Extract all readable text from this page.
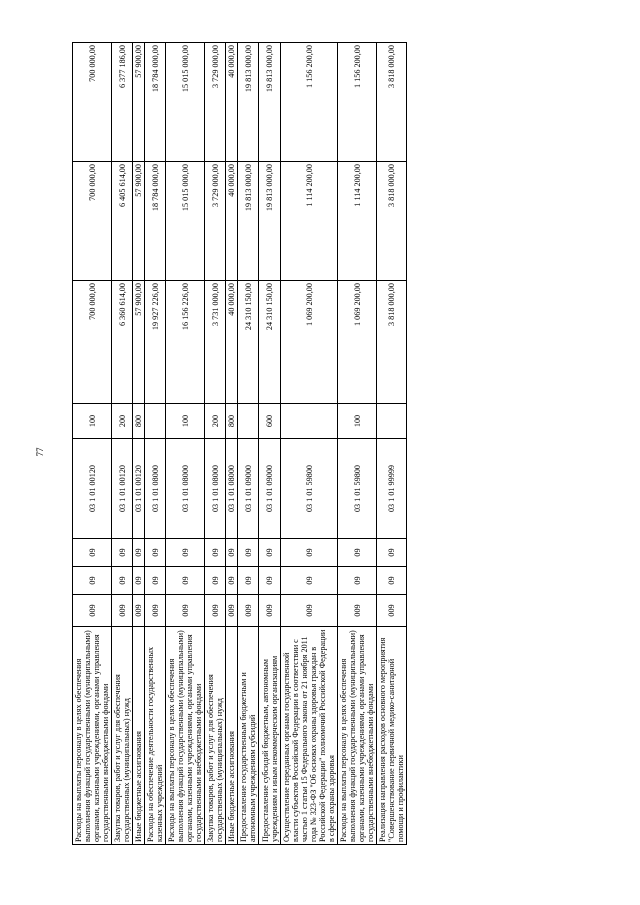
77
Расходы на выплаты персоналу в целях обеспечения выполнения функций государственными (муниципальными) органами, казенными учреждениями, органами управления государственными внебюджетными фондами	009	09	09	03 1 01 00120	100	700 000,00	700 000,00	700 000,00
Закупка товаров, работ и услуг для обеспечения государственных (муниципальных) нужд	009	09	09	03 1 01 00120	200	6 360 614,00	6 405 614,00	6 377 186,00
Иные бюджетные ассигнования	009	09	09	03 1 01 00120	800	57 900,00	57 900,00	57 900,00
Расходы на обеспечение деятельности государственных казенных учреждений	009	09	09	03 1 01 08000		19 927 226,00	18 784 000,00	18 784 000,00
Расходы на выплаты персоналу в целях обеспечения выполнения функций государственными (муниципальными) органами, казенными учреждениями, органами управления государственными внебюджетными фондами	009	09	09	03 1 01 08000	100	16 156 226,00	15 015 000,00	15 015 000,00
Закупка товаров, работ и услуг для обеспечения государственных (муниципальных) нужд	009	09	09	03 1 01 08000	200	3 731 000,00	3 729 000,00	3 729 000,00
Иные бюджетные ассигнования	009	09	09	03 1 01 08000	800	40 000,00	40 000,00	40 000,00
Предоставление государственным бюджетным и автономным учреждениям субсидий	009	09	09	03 1 01 09000		24 310 150,00	19 813 000,00	19 813 000,00
Предоставление субсидий бюджетным, автономным учреждениям и иным некоммерческим организациям	009	09	09	03 1 01 09000	600	24 310 150,00	19 813 000,00	19 813 000,00
Осуществление переданных органам государственной власти субъектов Российской Федерации в соответствии с частью 1 статьи 15 Федерального закона от 21 ноября 2011 года № 323-ФЗ "Об основах охраны здоровья граждан в Российской Федерации" полномочий Российской Федерации в сфере охраны здоровья	009	09	09	03 1 01 59800		1 069 200,00	1 114 200,00	1 156 200,00
Расходы на выплаты персоналу в целях обеспечения выполнения функций государственными (муниципальными) органами, казенными учреждениями, органами управления государственными внебюджетными фондами	009	09	09	03 1 01 59800	100	1 069 200,00	1 114 200,00	1 156 200,00
Реализация направления расходов основного мероприятия "Совершенствование первичной медико-санитарной помощи и профилактики	009	09	09	03 1 01 99999		3 818 000,00	3 818 000,00	3 818 000,00
